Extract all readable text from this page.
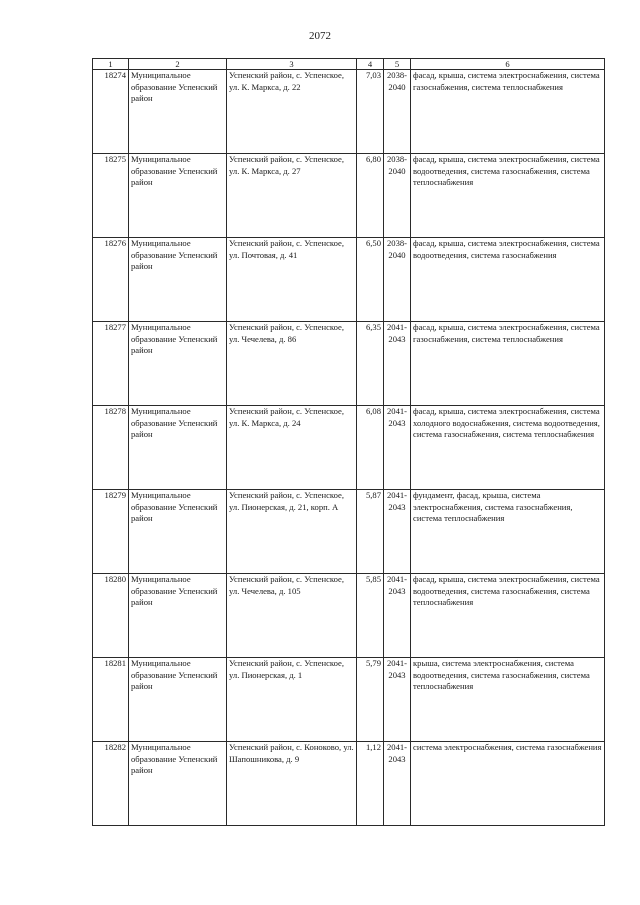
2072
1	2	3	4	5	6
18274	Муниципальное образование Успенский район	Успенский район, с. Успенское, ул. К. Маркса, д. 22	7,03	2038-2040	фасад, крыша, система электроснабжения, система газоснабжения, система теплоснабжения
18275	Муниципальное образование Успенский район	Успенский район, с. Успенское, ул. К. Маркса, д. 27	6,80	2038-2040	фасад, крыша, система электроснабжения, система водоотведения, система газоснабжения, система теплоснабжения
18276	Муниципальное образование Успенский район	Успенский район, с. Успенское, ул. Почтовая, д. 41	6,50	2038-2040	фасад, крыша, система электроснабжения, система водоотведения, система газоснабжения
18277	Муниципальное образование Успенский район	Успенский район, с. Успенское, ул. Чечелева, д. 86	6,35	2041-2043	фасад, крыша, система электроснабжения, система газоснабжения, система теплоснабжения
18278	Муниципальное образование Успенский район	Успенский район, с. Успенское, ул. К. Маркса, д. 24	6,08	2041-2043	фасад, крыша, система электроснабжения, система холодного водоснабжения, система водоотведения, система газоснабжения, система теплоснабжения
18279	Муниципальное образование Успенский район	Успенский район, с. Успенское, ул. Пионерская, д. 21, корп. А	5,87	2041-2043	фундамент, фасад, крыша, система электроснабжения, система газоснабжения, система теплоснабжения
18280	Муниципальное образование Успенский район	Успенский район, с. Успенское, ул. Чечелева, д. 105	5,85	2041-2043	фасад, крыша, система электроснабжения, система водоотведения, система газоснабжения, система теплоснабжения
18281	Муниципальное образование Успенский район	Успенский район, с. Успенское, ул. Пионерская, д. 1	5,79	2041-2043	крыша, система электроснабжения, система водоотведения, система газоснабжения, система теплоснабжения
18282	Муниципальное образование Успенский район	Успенский район, с. Коноково, ул. Шапошникова, д. 9	1,12	2041-2043	система электроснабжения, система газоснабжения
